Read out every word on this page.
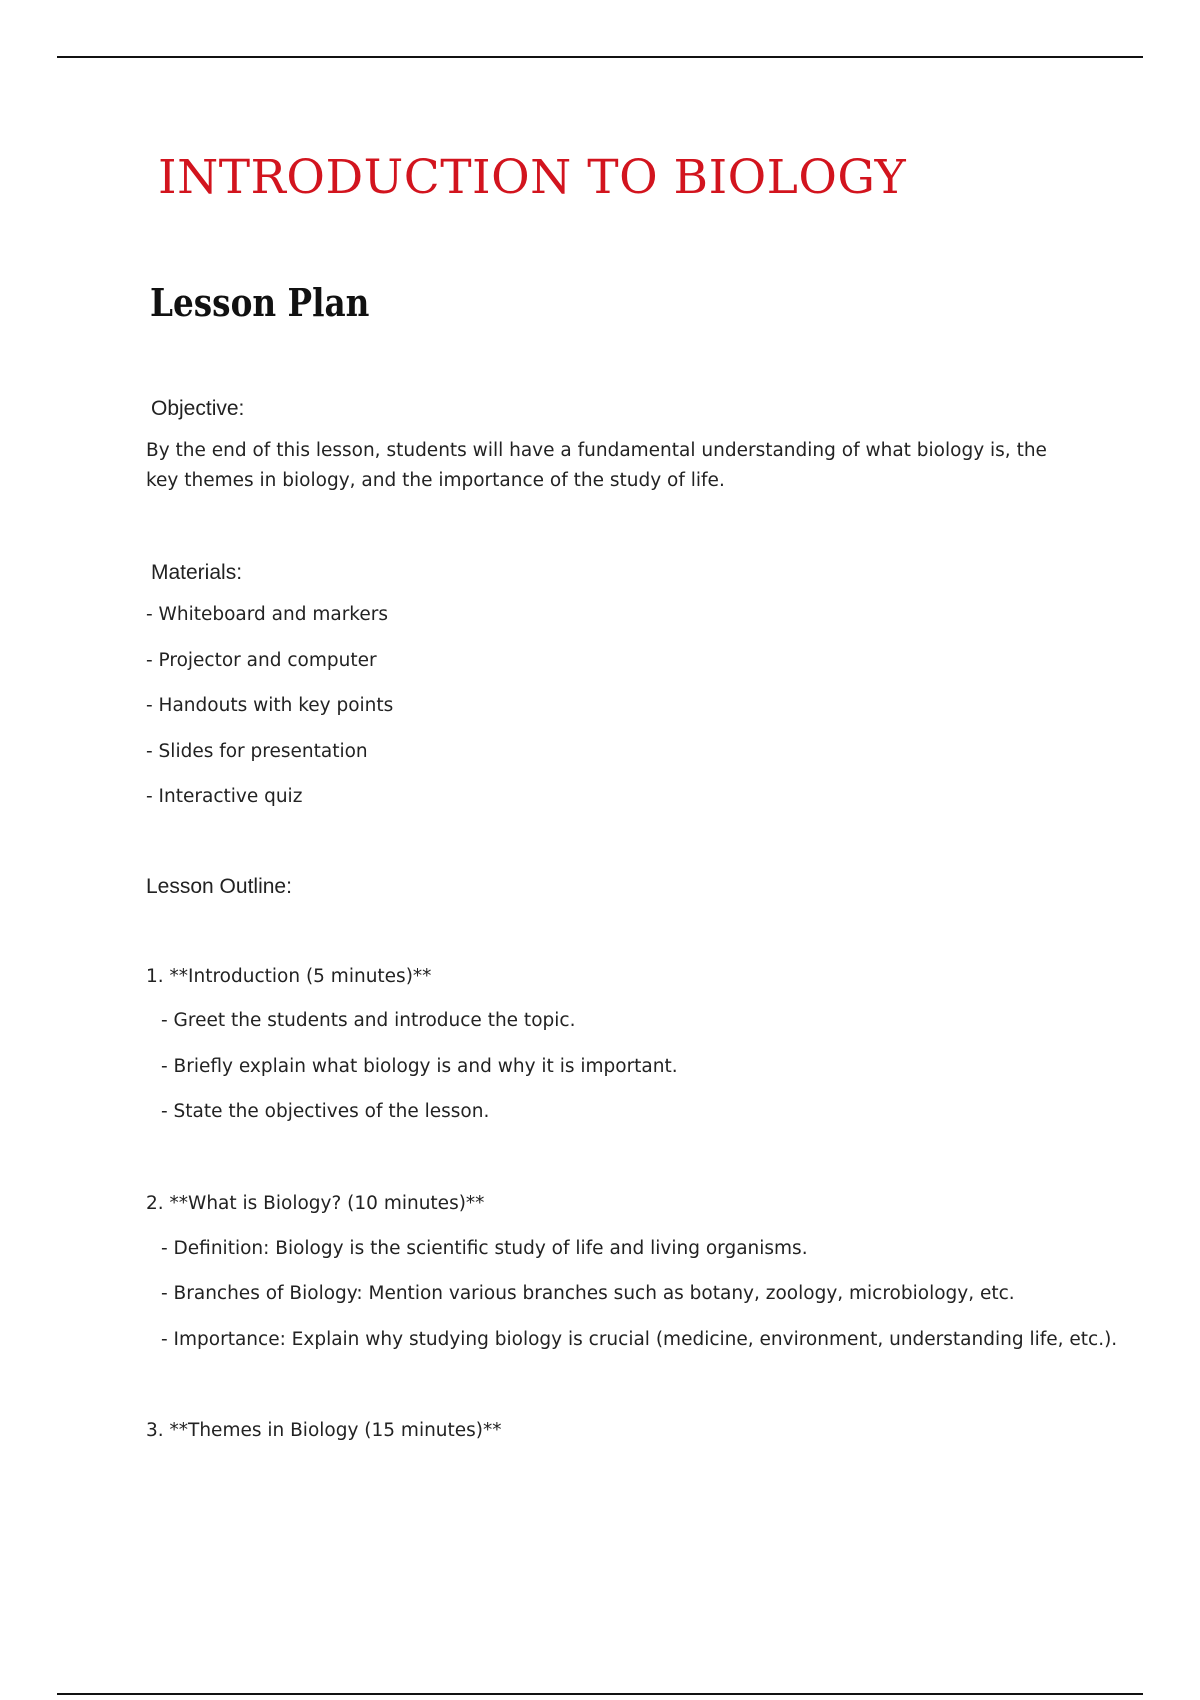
INTRODUCTION TO BIOLOGY
Lesson Plan
Objective:

By the end of this lesson, students will have a fundamental understanding of what biology is, the key themes in biology, and the importance of the study of life.

Materials:

- Whiteboard and markers

- Projector and computer

- Handouts with key points

- Slides for presentation

- Interactive quiz

Lesson Outline:

1. **Introduction (5 minutes)**

- Greet the students and introduce the topic.

- Briefly explain what biology is and why it is important.

- State the objectives of the lesson.

2. **What is Biology? (10 minutes)**

- Definition: Biology is the scientific study of life and living organisms.

- Branches of Biology: Mention various branches such as botany, zoology, microbiology, etc.

- Importance: Explain why studying biology is crucial (medicine, environment, understanding life, etc.).

3. **Themes in Biology (15 minutes)**
